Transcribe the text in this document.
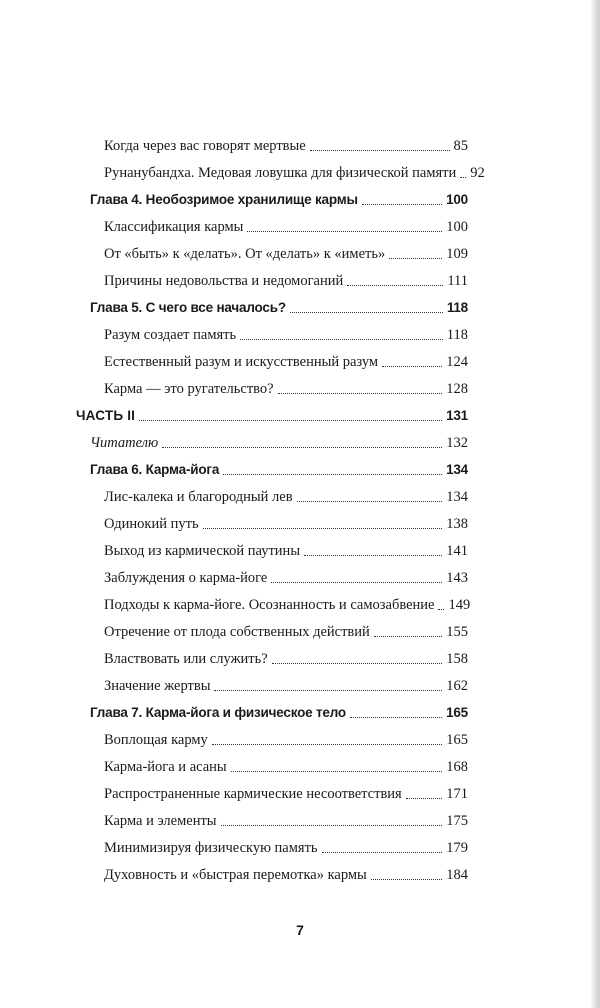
Когда через вас говорят мертвые	85
Рунанубандха. Медовая ловушка для физической памяти 92
Глава 4. Необозримое хранилище кармы	100
Классификация кармы	100
От «быть» к «делать». От «делать» к «иметь»	109
Причины недовольства и недомоганий	111
Глава 5. С чего все началось?	118
Разум создает память	118
Естественный разум и искусственный разум	124
Карма — это ругательство?	128
ЧАСТЬ II	131
Читателю	132
Глава 6. Карма-йога	134
Лис-калека и благородный лев	134
Одинокий путь	138
Выход из кармической паутины	141
Заблуждения о карма-йоге	143
Подходы к карма-йоге. Осознанность и самозабвение 149
Отречение от плода собственных действий	155
Властвовать или служить?	158
Значение жертвы	162
Глава 7. Карма-йога и физическое тело	165
Воплощая карму	165
Карма-йога и асаны	168
Распространенные кармические несоответствия	171
Карма и элементы	175
Минимизируя физическую память	179
Духовность и «быстрая перемотка» кармы	184
7
